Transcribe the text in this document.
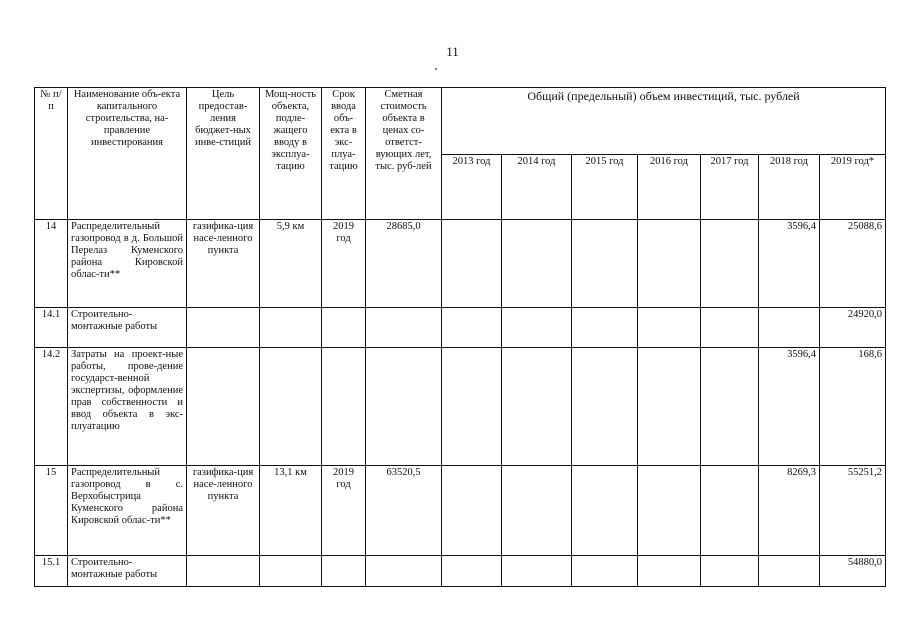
11
№ п/п	Наименование объ-екта капитального строительства, на-правление инвестирования	Цель предостав-ления бюджет-ных инве-стиций	Мощ-ность объекта, подле-жащего вводу в эксплуа-тацию	Срок ввода объ-екта в экс-плуа-тацию	Сметная стоимость объекта в ценах со-ответст-вующих лет, тыс. руб-лей	Общий (предельный) объем инвестиций, тыс. рублей						
						2013 год	2014 год	2015 год	2016 год	2017 год	2018 год	2019 год*
14	Распределительный газопровод в д. Большой Перелаз Куменского района Кировской облас-ти**	газифика-ция насе-ленного пункта	5,9 км	2019 год	28685,0						3596,4	25088,6
14.1	Строительно-монтажные работы											24920,0
14.2	Затраты на проект-ные работы, прове-дение государст-венной экспертизы, оформление прав собственности и ввод объекта в экс-плуатацию										3596,4	168,6
15	Распределительный газопровод в с. Верхобыстрица Куменского района Кировской облас-ти**	газифика-ция насе-ленного пункта	13,1 км	2019 год	63520,5						8269,3	55251,2
15.1	Строительно-монтажные работы											54880,0
